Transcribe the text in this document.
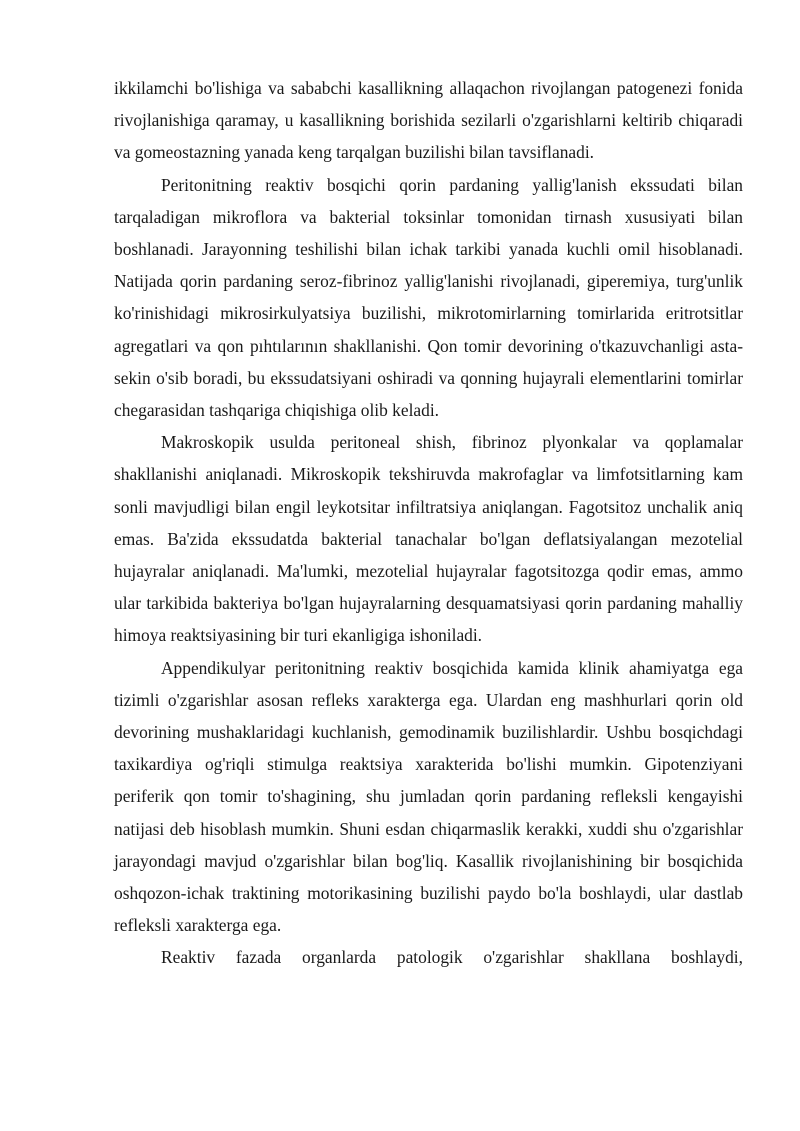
ikkilamchi bo'lishiga va sababchi kasallikning allaqachon rivojlangan patogenezi fonida rivojlanishiga qaramay, u kasallikning borishida sezilarli o'zgarishlarni keltirib chiqaradi va gomeostazning yanada keng tarqalgan buzilishi bilan tavsiflanadi.

Peritonitning reaktiv bosqichi qorin pardaning yallig'lanish ekssudati bilan tarqaladigan mikroflora va bakterial toksinlar tomonidan tirnash xususiyati bilan boshlanadi. Jarayonning teshilishi bilan ichak tarkibi yanada kuchli omil hisoblanadi. Natijada qorin pardaning seroz-fibrinoz yallig'lanishi rivojlanadi, giperemiya, turg'unlik ko'rinishidagi mikrosirkulyatsiya buzilishi, mikrotomirlarning tomirlarida eritrotsitlar agregatlari va qon pıhtılarının shakllanishi. Qon tomir devorining o'tkazuvchanligi asta-sekin o'sib boradi, bu ekssudatsiyani oshiradi va qonning hujayrali elementlarini tomirlar chegarasidan tashqariga chiqishiga olib keladi.

Makroskopik usulda peritoneal shish, fibrinoz plyonkalar va qoplamalar shakllanishi aniqlanadi. Mikroskopik tekshiruvda makrofaglar va limfotsitlarning kam sonli mavjudligi bilan engil leykotsitar infiltratsiya aniqlangan. Fagotsitoz unchalik aniq emas. Ba'zida ekssudatda bakterial tanachalar bo'lgan deflatsiyalangan mezotelial hujayralar aniqlanadi. Ma'lumki, mezotelial hujayralar fagotsitozga qodir emas, ammo ular tarkibida bakteriya bo'lgan hujayralarning desquamatsiyasi qorin pardaning mahalliy himoya reaktsiyasining bir turi ekanligiga ishoniladi.

Appendikulyar peritonitning reaktiv bosqichida kamida klinik ahamiyatga ega tizimli o'zgarishlar asosan refleks xarakterga ega. Ulardan eng mashhurlari qorin old devorining mushaklaridagi kuchlanish, gemodinamik buzilishlardir. Ushbu bosqichdagi taxikardiya og'riqli stimulga reaktsiya xarakterida bo'lishi mumkin. Gipotenziyani periferik qon tomir to'shagining, shu jumladan qorin pardaning refleksli kengayishi natijasi deb hisoblash mumkin. Shuni esdan chiqarmaslik kerakki, xuddi shu o'zgarishlar jarayondagi mavjud o'zgarishlar bilan bog'liq. Kasallik rivojlanishining bir bosqichida oshqozon-ichak traktining motorikasining buzilishi paydo bo'la boshlaydi, ular dastlab refleksli xarakterga ega.

Reaktiv fazada organlarda patologik o'zgarishlar shakllana boshlaydi,
